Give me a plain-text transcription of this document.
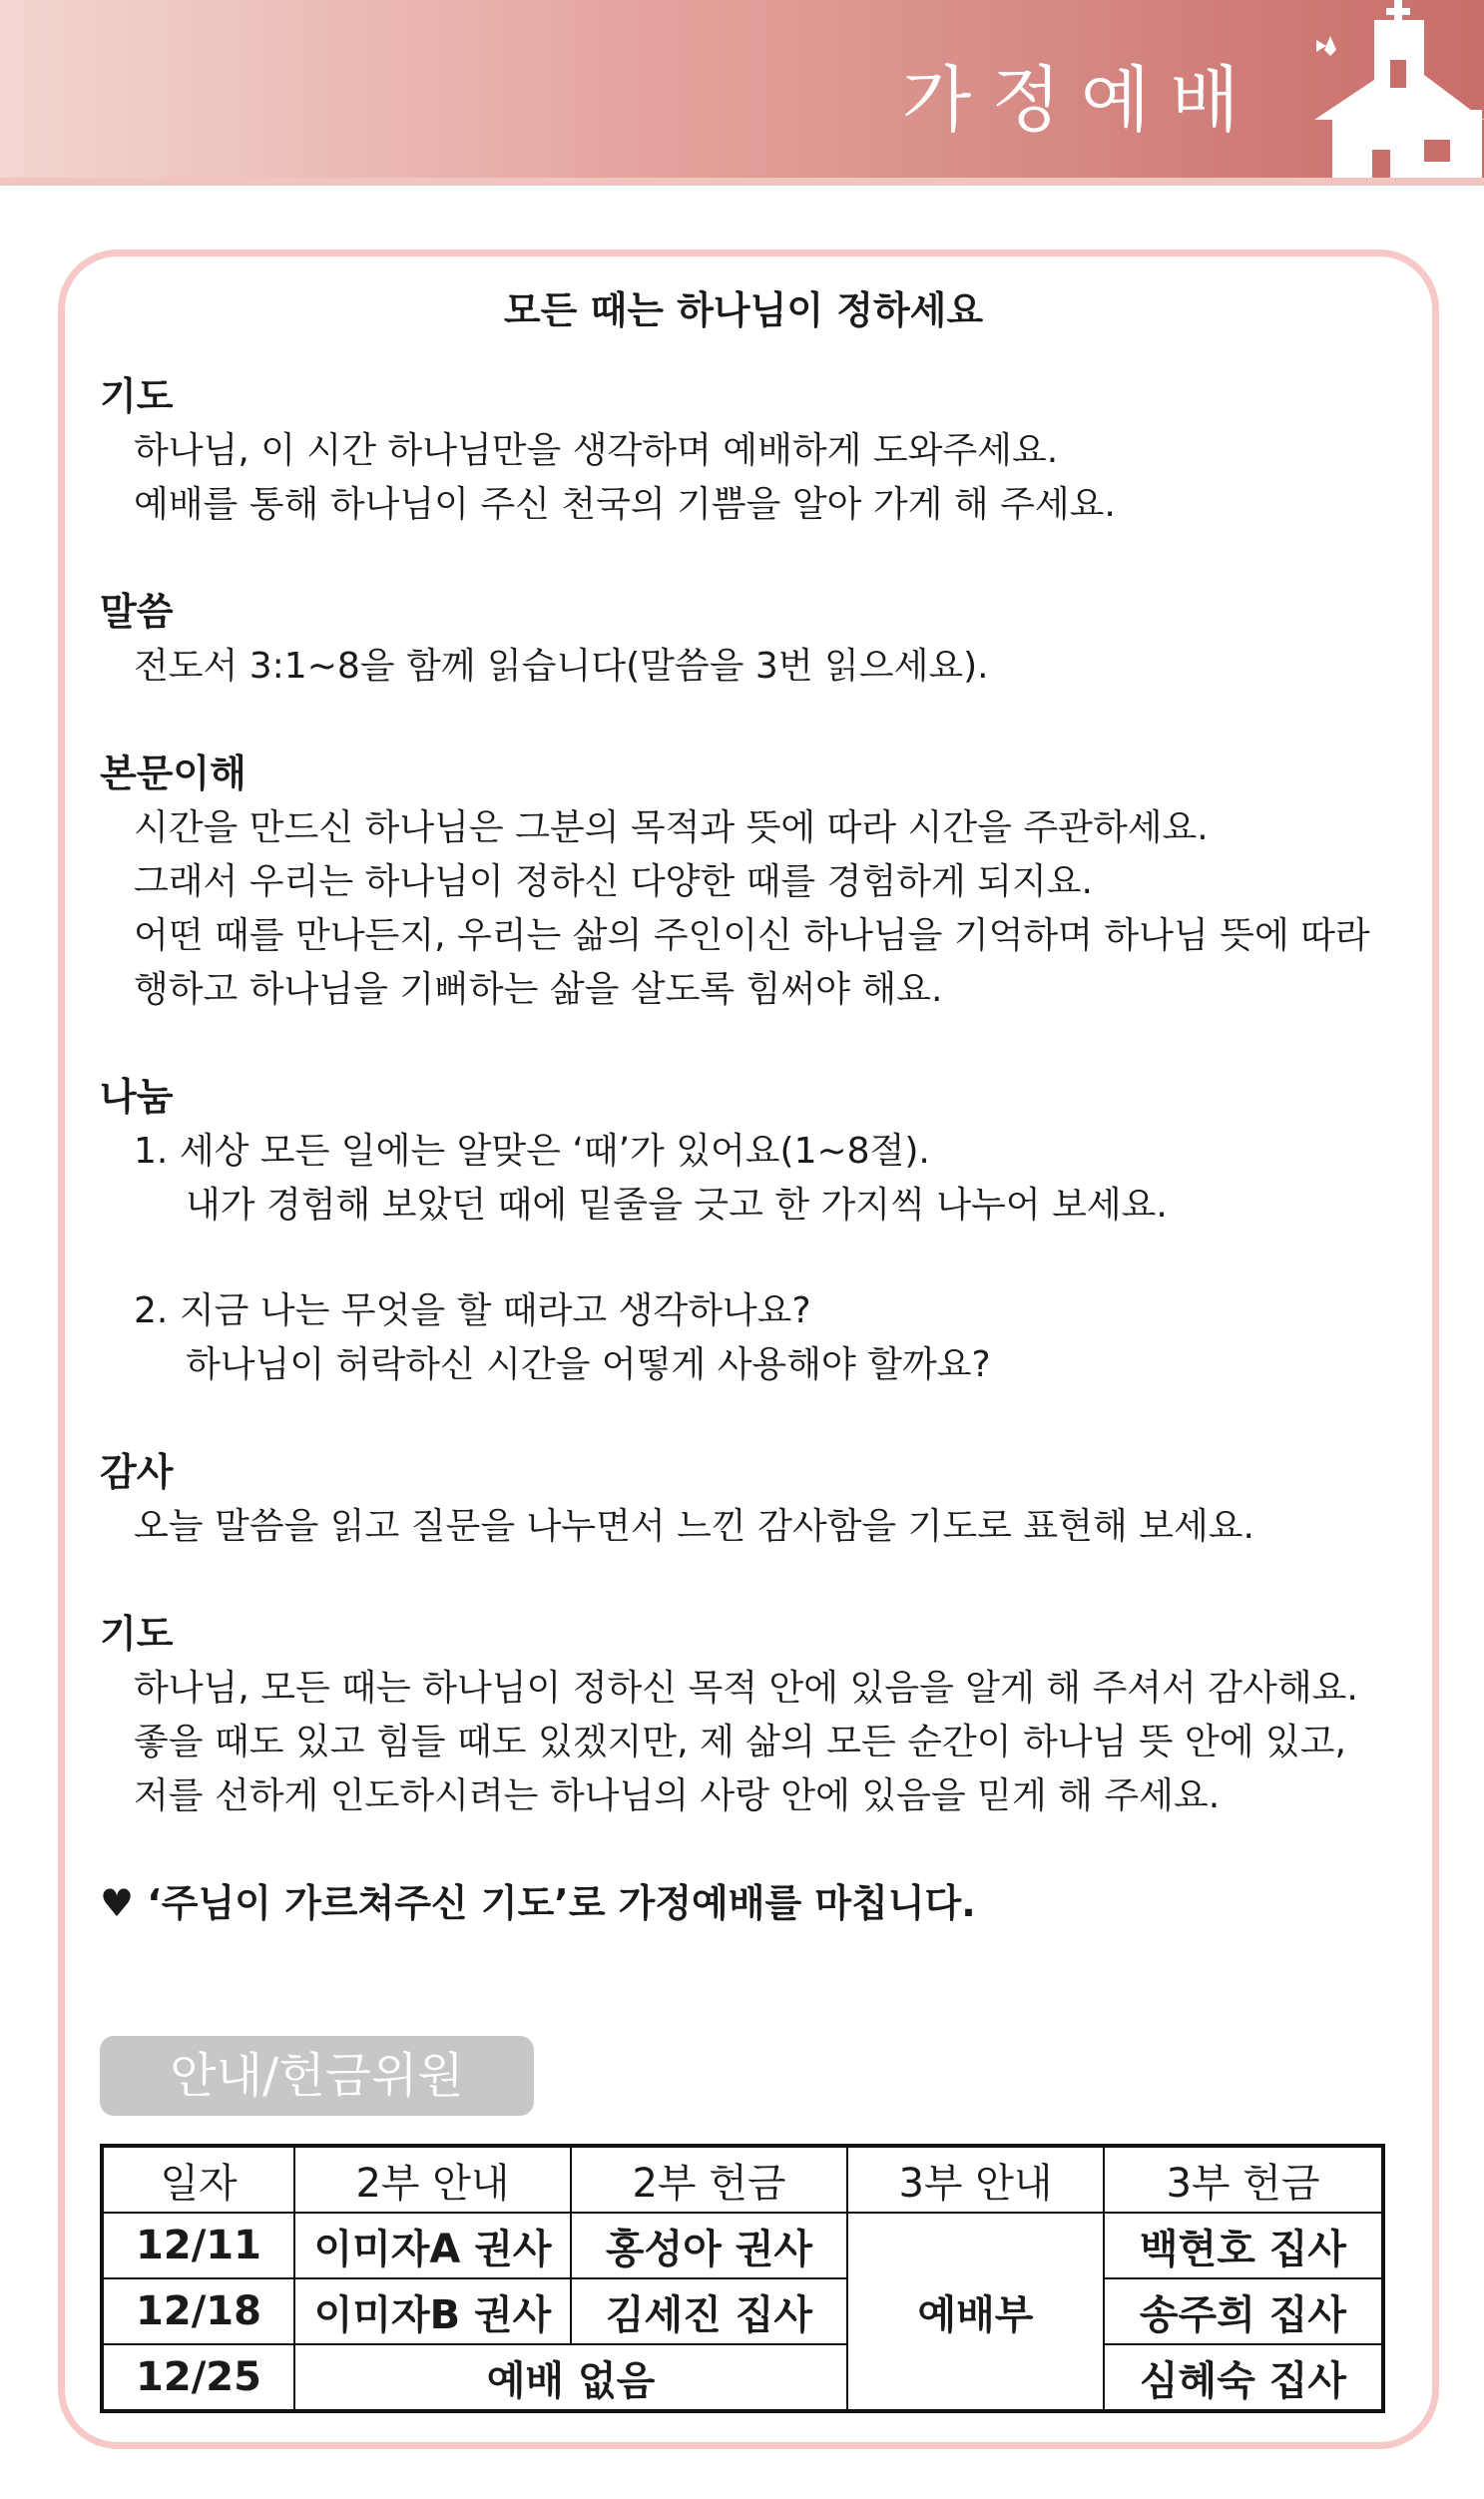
가정예배

모든 때는 하나님이 정하세요

기도

하나님, 이 시간 하나님만을 생각하며 예배하게 도와주세요.

예배를 통해 하나님이 주신 천국의 기쁨을 알아 가게 해 주세요.

말씀

전도서 3:1~8을 함께 읽습니다(말씀을 3번 읽으세요).

본문이해

시간을 만드신 하나님은 그분의 목적과 뜻에 따라 시간을 주관하세요.

그래서 우리는 하나님이 정하신 다양한 때를 경험하게 되지요.

어떤 때를 만나든지, 우리는 삶의 주인이신 하나님을 기억하며 하나님 뜻에 따라

행하고 하나님을 기뻐하는 삶을 살도록 힘써야 해요.

나눔

1. 세상 모든 일에는 알맞은 ‘때’가 있어요(1~8절).
내가 경험해 보았던 때에 밑줄을 긋고 한 가지씩 나누어 보세요.

2. 지금 나는 무엇을 할 때라고 생각하나요?
하나님이 허락하신 시간을 어떻게 사용해야 할까요?

감사

오늘 말씀을 읽고 질문을 나누면서 느낀 감사함을 기도로 표현해 보세요.

기도

하나님, 모든 때는 하나님이 정하신 목적 안에 있음을 알게 해 주셔서 감사해요.

좋을 때도 있고 힘들 때도 있겠지만, 제 삶의 모든 순간이 하나님 뜻 안에 있고,

저를 선하게 인도하시려는 하나님의 사랑 안에 있음을 믿게 해 주세요.

♥ ‘주님이 가르쳐주신 기도’로 가정예배를 마칩니다.

안내/헌금위원
일자	2부 안내	2부 헌금	3부 안내	3부 헌금
12/11	이미자A 권사	홍성아 권사	예배부	백현호 집사
12/18	이미자B 권사	김세진 집사		송주희 집사
12/25	예배 없음			심혜숙 집사
